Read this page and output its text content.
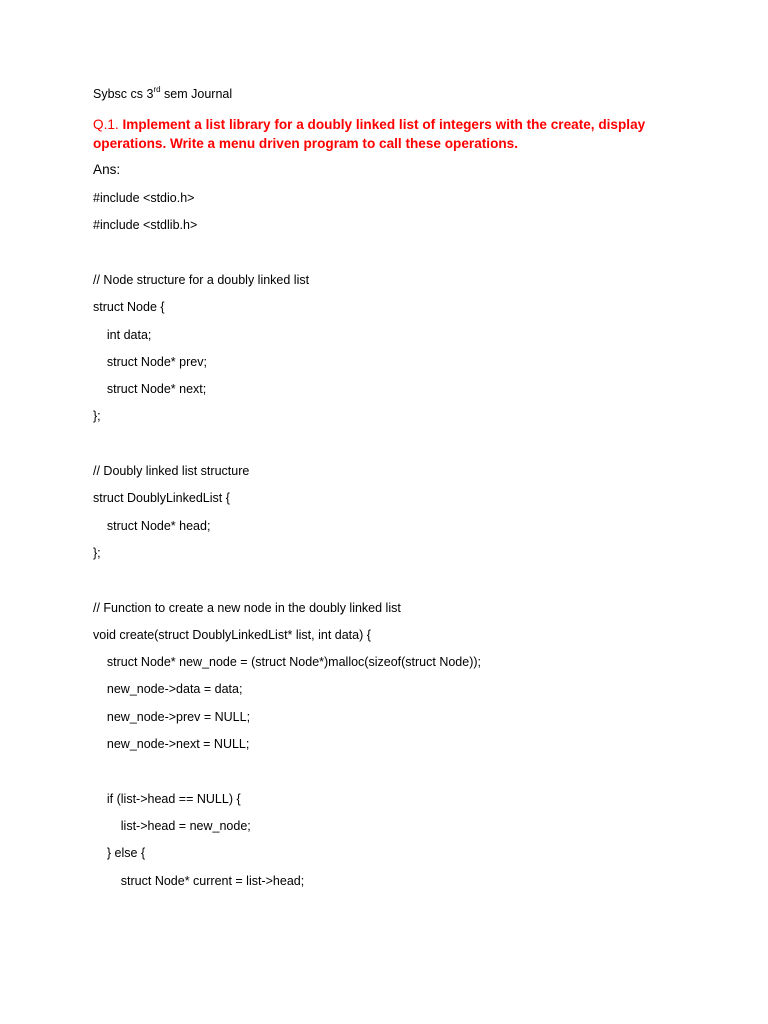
Sybsc cs 3rd sem Journal
Q.1. Implement a list library for a doubly linked list of integers with the create, display operations. Write a menu driven program to call these operations.
Ans:
#include <stdio.h>
#include <stdlib.h>
// Node structure for a doubly linked list
struct Node {
int data;
struct Node* prev;
struct Node* next;
};
// Doubly linked list structure
struct DoublyLinkedList {
struct Node* head;
};
// Function to create a new node in the doubly linked list
void create(struct DoublyLinkedList* list, int data) {
struct Node* new_node = (struct Node*)malloc(sizeof(struct Node));
new_node->data = data;
new_node->prev = NULL;
new_node->next = NULL;
if (list->head == NULL) {
list->head = new_node;
} else {
struct Node* current = list->head;
